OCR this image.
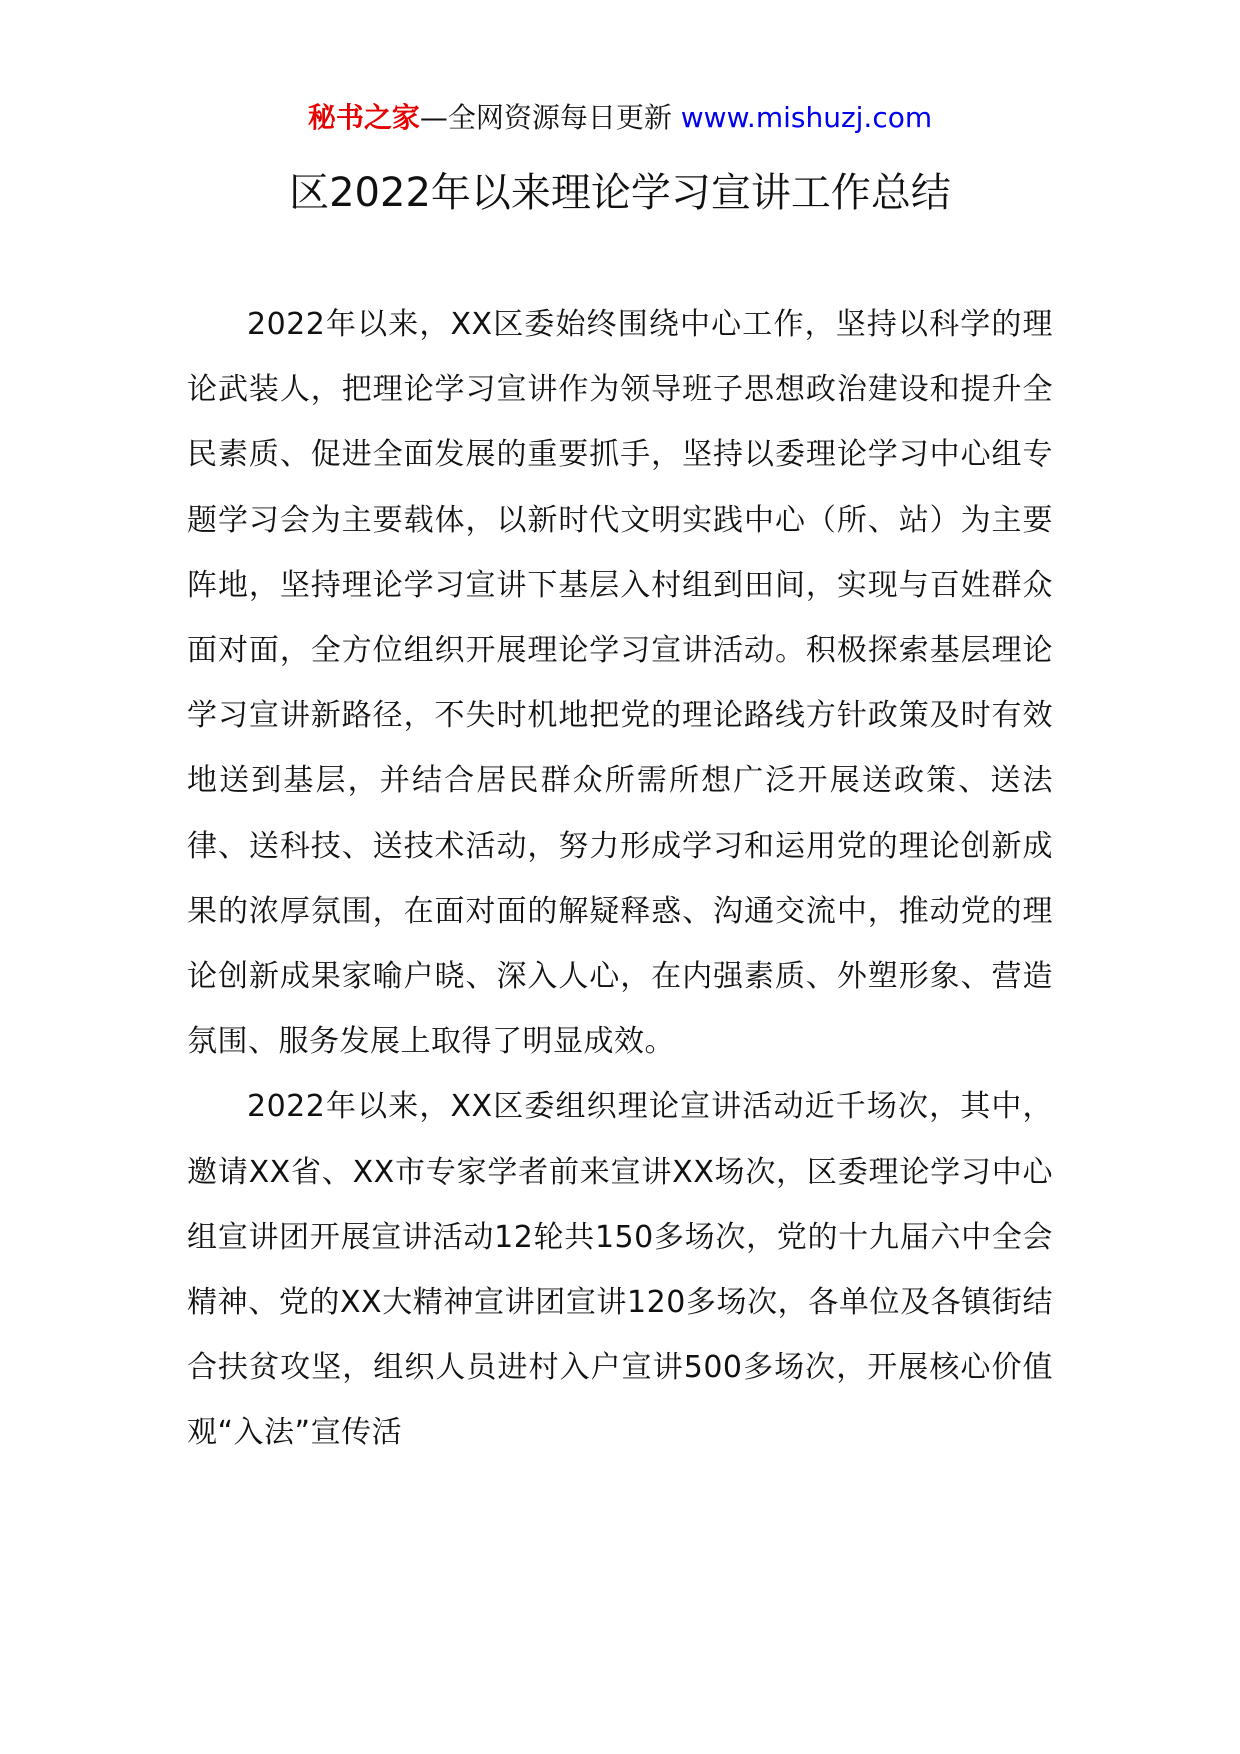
秘书之家—全网资源每日更新 www.mishuzj.com
区2022年以来理论学习宣讲工作总结

2022年以来，XX区委始终围绕中心工作，坚持以科学的理论武装人，把理论学习宣讲作为领导班子思想政治建设和提升全民素质、促进全面发展的重要抓手，坚持以委理论学习中心组专题学习会为主要载体，以新时代文明实践中心（所、站）为主要阵地，坚持理论学习宣讲下基层入村组到田间，实现与百姓群众面对面，全方位组织开展理论学习宣讲活动。积极探索基层理论学习宣讲新路径，不失时机地把党的理论路线方针政策及时有效地送到基层，并结合居民群众所需所想广泛开展送政策、送法律、送科技、送技术活动，努力形成学习和运用党的理论创新成果的浓厚氛围，在面对面的解疑释惑、沟通交流中，推动党的理论创新成果家喻户晓、深入人心，在内强素质、外塑形象、营造氛围、服务发展上取得了明显成效。

2022年以来，XX区委组织理论宣讲活动近千场次，其中，邀请XX省、XX市专家学者前来宣讲XX场次，区委理论学习中心组宣讲团开展宣讲活动12轮共150多场次，党的十九届六中全会精神、党的XX大精神宣讲团宣讲120多场次，各单位及各镇街结合扶贫攻坚，组织人员进村入户宣讲500多场次，开展核心价值观“入法”宣传活
